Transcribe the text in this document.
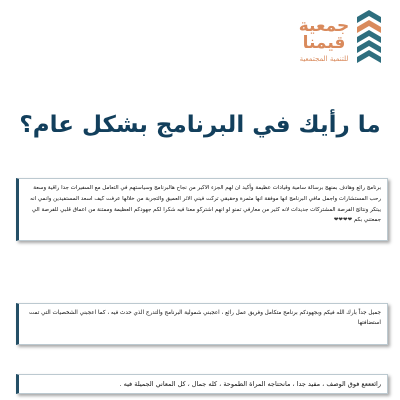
جمعية
قيمنا
للتنمية المجتمعية
ما رأيك في البرنامج بشكل عام؟
برنامج رائع وهادف بمنهج برسالة سامية وقيادات عظيمة وأكيد ان لهم الجزء الاكبر من نجاح هالبرنامج وسياستهم في التعامل مع السفيرات جدا راقية وسعة رحب المستشارات واجمل مافي البرنامج انها موفقة انها مثمرة وحقيقي تركت فيني الاثر العميق والتجربة من خلالها عرفت كيف اسعد المستفيدين وانمي انه يبتكر ونتائج الفرصة المشتركات جديدات لانه كثير من معارفي تمنو لو انهم اشتركو معنا فيه شكرا لكم جهودكم العظيمة وممتنة من اعماق قلبي للفرصة الي جمعتني بكم ❤❤❤❤
جميل جداً بارك الله فيكم وبجهودكم برنامج متكامل وفريق عمل رائع ، اعجبني شمولية البرنامج والتدرج الذي حدث فيه ، كما اعجبني الشخصيات التي تمت استضافتها
رائعععع فوق الوصف ، مفيد جدا ، مانحتاجه المراة الطموحة ، كله جمال ، كل المعاني الجميلة فيه .
